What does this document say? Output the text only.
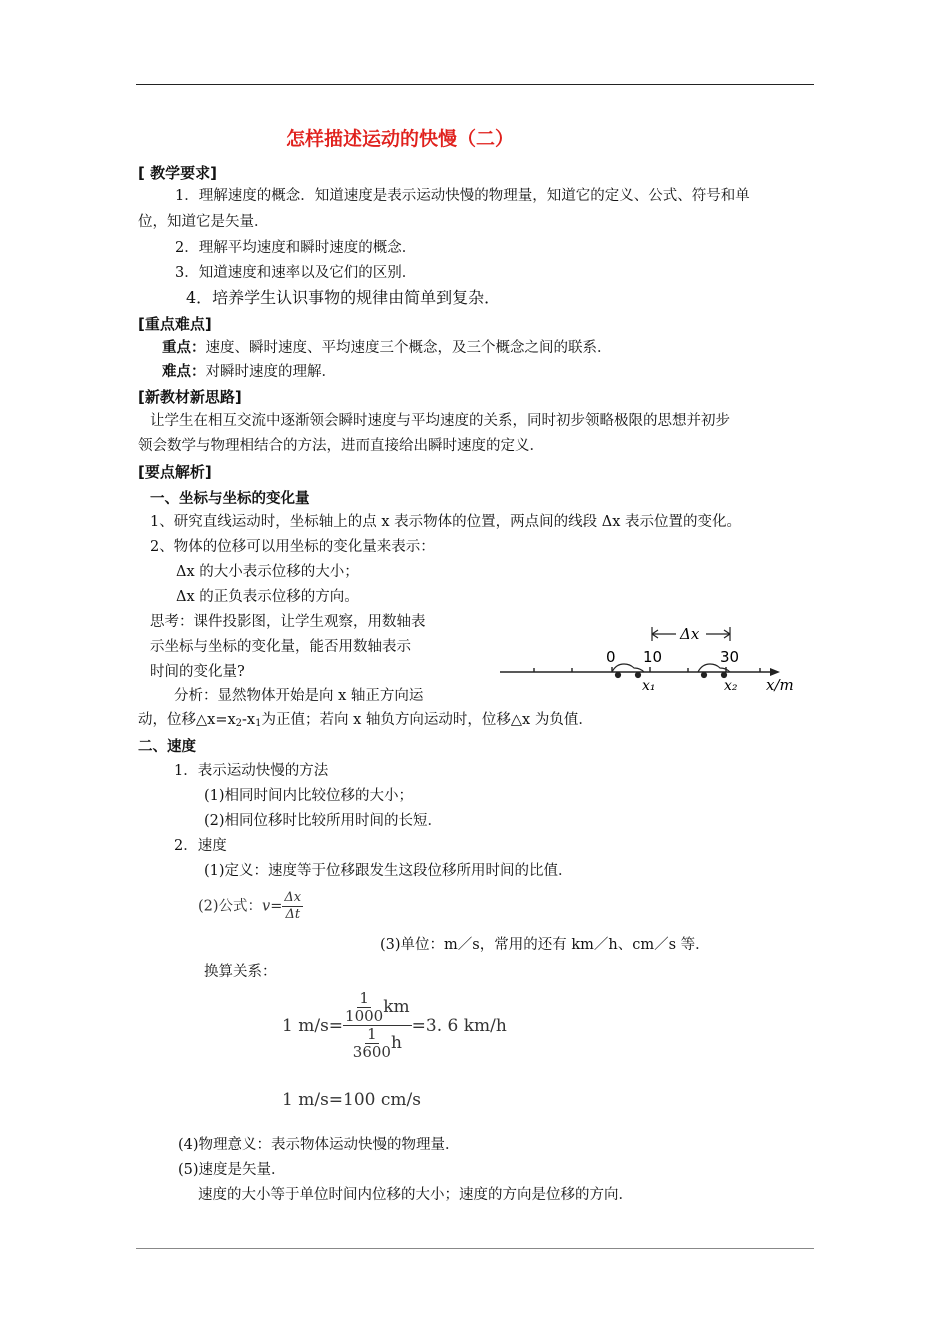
怎样描述运动的快慢（二）
[ 教学要求]
1．理解速度的概念．知道速度是表示运动快慢的物理量，知道它的定义、公式、符号和单
位，知道它是矢量．
2．理解平均速度和瞬时速度的概念．
3．知道速度和速率以及它们的区别．
4．培养学生认识事物的规律由简单到复杂．
[重点难点]
重点：速度、瞬时速度、平均速度三个概念，及三个概念之间的联系．
难点：对瞬时速度的理解．
[新教材新思路]
让学生在相互交流中逐渐领会瞬时速度与平均速度的关系，同时初步领略极限的思想并初步
领会数学与物理相结合的方法，进而直接给出瞬时速度的定义．
[要点解析]
一、坐标与坐标的变化量
1、研究直线运动时，坐标轴上的点 x 表示物体的位置，两点间的线段 Δx 表示位置的变化。
2、物体的位移可以用坐标的变化量来表示：
Δx 的大小表示位移的大小；
Δx 的正负表示位移的方向。
思考：课件投影图，让学生观察，用数轴表
示坐标与坐标的变化量，能否用数轴表示
时间的变化量?
分析：显然物体开始是向 x 轴正方向运
动，位移$\triangle x=x_2-x_1$为正值；若向 x 轴负方向运动时，位移△x 为负值．
Δx
0 10	30
x₁	x₂ x/m
二、速度
1．表示运动快慢的方法
(1)相同时间内比较位移的大小；
(2)相同位移时比较所用时间的长短．
2．速度
(1)定义：速度等于位移跟发生这段位移所用时间的比值．
(2)公式：$v= \frac{\Delta x}{\Delta t}$
(3)单位：m／s，常用的还有 km／h、cm／s 等．
换算关系：
1 $m/s= \frac{\frac{1}{1000} km}{\frac{1}{3600} h} =3$. 6 km/h
1 m/s=100 cm/s
(4)物理意义：表示物体运动快慢的物理量．
(5)速度是矢量．
速度的大小等于单位时间内位移的大小；速度的方向是位移的方向．
